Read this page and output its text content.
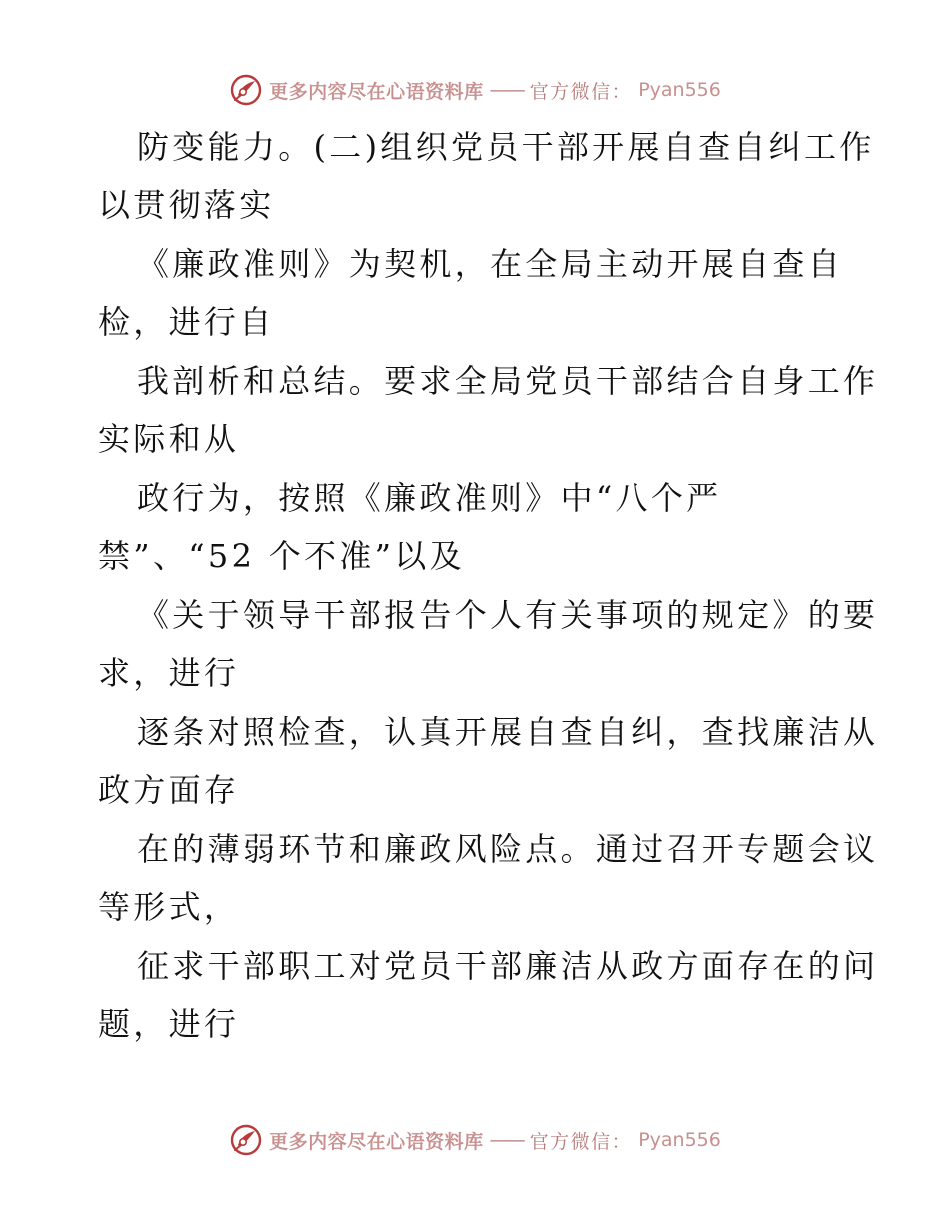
更多内容尽在心语资料库 —— 官方微信： Pyan556
防变能力。(二)组织党员干部开展自查自纠工作
以贯彻落实
《廉政准则》为契机，在全局主动开展自查自
检，进行自
我剖析和总结。要求全局党员干部结合自身工作
实际和从
政行为，按照《廉政准则》中“八个严
禁”、“52 个不准”以及
《关于领导干部报告个人有关事项的规定》的要
求，进行
逐条对照检查，认真开展自查自纠，查找廉洁从
政方面存
在的薄弱环节和廉政风险点。通过召开专题会议
等形式，
征求干部职工对党员干部廉洁从政方面存在的问
题，进行
更多内容尽在心语资料库 —— 官方微信： Pyan556
